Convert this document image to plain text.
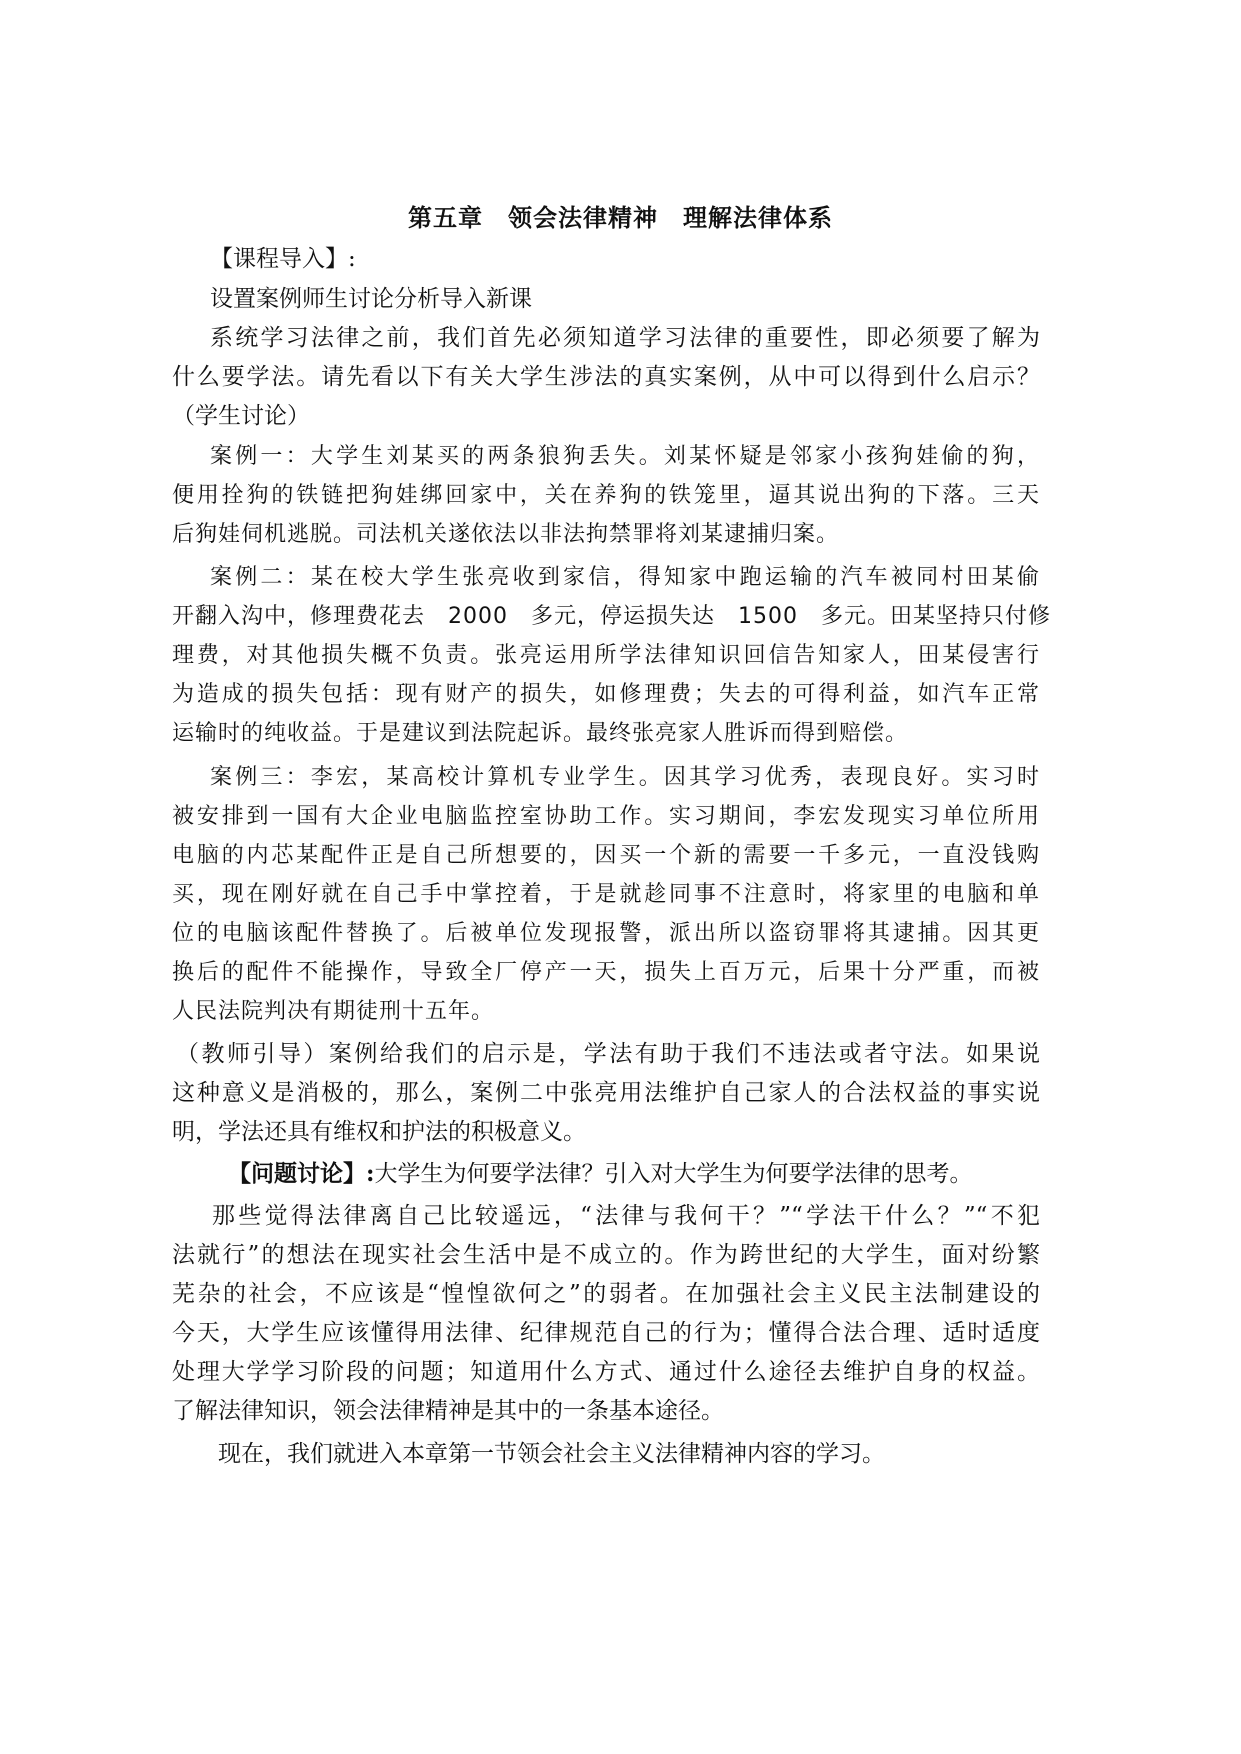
第五章　领会法律精神　理解法律体系
【课程导入】:
设置案例师生讨论分析导入新课
系统学习法律之前，我们首先必须知道学习法律的重要性，即必须要了解为
什么要学法。请先看以下有关大学生涉法的真实案例，从中可以得到什么启示？
（学生讨论）
案例一：大学生刘某买的两条狼狗丢失。刘某怀疑是邻家小孩狗娃偷的狗，
便用拴狗的铁链把狗娃绑回家中，关在养狗的铁笼里，逼其说出狗的下落。三天
后狗娃伺机逃脱。司法机关遂依法以非法拘禁罪将刘某逮捕归案。
案例二：某在校大学生张亮收到家信，得知家中跑运输的汽车被同村田某偷
开翻入沟中，修理费花去　2000　多元，停运损失达　1500　多元。田某坚持只付修
理费，对其他损失概不负责。张亮运用所学法律知识回信告知家人，田某侵害行
为造成的损失包括：现有财产的损失，如修理费；失去的可得利益，如汽车正常
运输时的纯收益。于是建议到法院起诉。最终张亮家人胜诉而得到赔偿。
案例三：李宏，某高校计算机专业学生。因其学习优秀，表现良好。实习时
被安排到一国有大企业电脑监控室协助工作。实习期间，李宏发现实习单位所用
电脑的内芯某配件正是自己所想要的，因买一个新的需要一千多元，一直没钱购
买，现在刚好就在自己手中掌控着，于是就趁同事不注意时，将家里的电脑和单
位的电脑该配件替换了。后被单位发现报警，派出所以盗窃罪将其逮捕。因其更
换后的配件不能操作，导致全厂停产一天，损失上百万元，后果十分严重，而被
人民法院判决有期徒刑十五年。
（教师引导）案例给我们的启示是，学法有助于我们不违法或者守法。如果说
这种意义是消极的，那么，案例二中张亮用法维护自己家人的合法权益的事实说
明，学法还具有维权和护法的积极意义。
【问题讨论】:大学生为何要学法律？引入对大学生为何要学法律的思考。
那些觉得法律离自己比较遥远，“法律与我何干？”“学法干什么？”“不犯
法就行”的想法在现实社会生活中是不成立的。作为跨世纪的大学生，面对纷繁
芜杂的社会，不应该是“惶惶欲何之”的弱者。在加强社会主义民主法制建设的
今天，大学生应该懂得用法律、纪律规范自己的行为；懂得合法合理、适时适度
处理大学学习阶段的问题；知道用什么方式、通过什么途径去维护自身的权益。
了解法律知识，领会法律精神是其中的一条基本途径。
现在，我们就进入本章第一节领会社会主义法律精神内容的学习。
